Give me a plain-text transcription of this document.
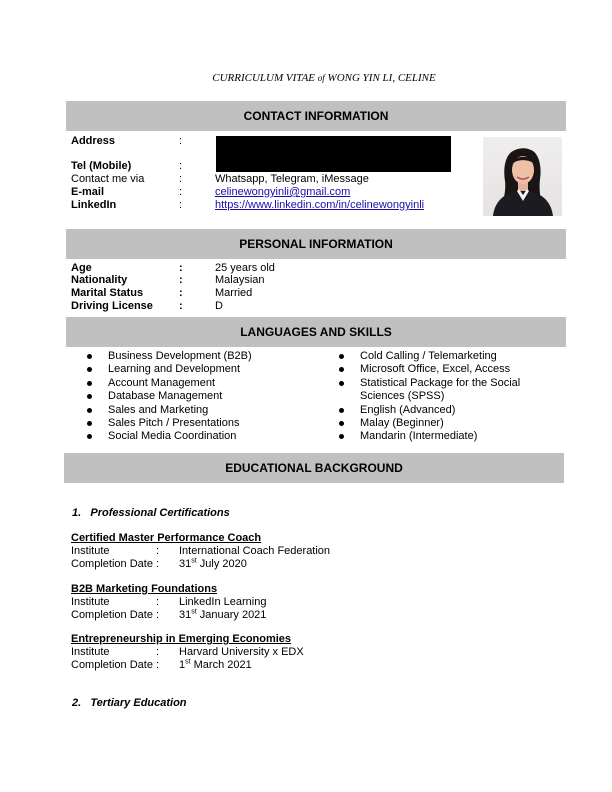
CURRICULUM VITAE of WONG YIN LI, CELINE
CONTACT INFORMATION
Address	:
Tel (Mobile)	:
Contact me via	:	Whatsapp, Telegram, iMessage
E-mail	:	celinewongyinli@gmail.com
LinkedIn	:	https://www.linkedin.com/in/celinewongyinli
PERSONAL INFORMATION
Age	:	25 years old
Nationality	:	Malaysian
Marital Status	:	Married
Driving License :	D
LANGUAGES AND SKILLS
Business Development (B2B)
Learning and Development
Account Management
Database Management
Sales and Marketing
Sales Pitch / Presentations
Social Media Coordination
Cold Calling / Telemarketing
Microsoft Office, Excel, Access
Statistical Package for the Social Sciences (SPSS)
English (Advanced)
Malay (Beginner)
Mandarin (Intermediate)
EDUCATIONAL BACKGROUND
1. Professional Certifications
Certified Master Performance Coach
Institute	: International Coach Federation
Completion Date : 31st July 2020
B2B Marketing Foundations
Institute	: LinkedIn Learning
Completion Date : 31st January 2021
Entrepreneurship in Emerging Economies
Institute	: Harvard University x EDX
Completion Date : 1st March 2021
2. Tertiary Education
